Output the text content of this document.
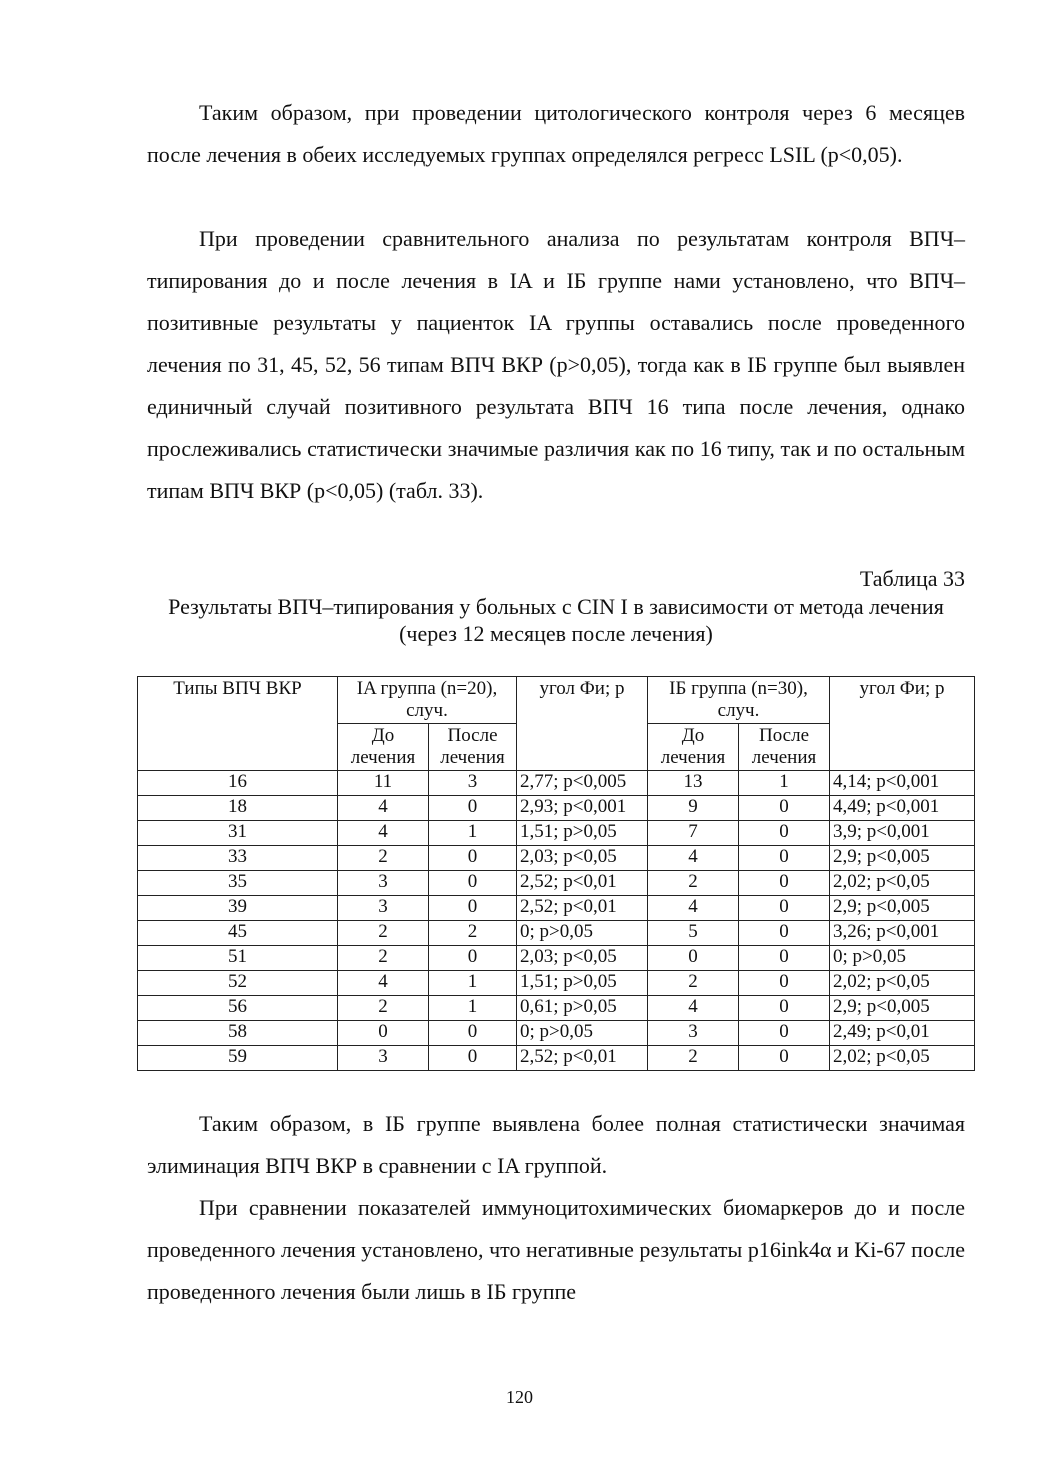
Таким образом, при проведении цитологического контроля через 6 месяцев после лечения в обеих исследуемых группах определялся регресс LSIL (p<0,05).

При проведении сравнительного анализа по результатам контроля ВПЧ–типирования до и после лечения в IA и IБ группе нами установлено, что ВПЧ–позитивные результаты у пациенток IA группы оставались после проведенного лечения по 31, 45, 52, 56 типам ВПЧ ВКР (p>0,05), тогда как в IБ группе был выявлен единичный случай позитивного результата ВПЧ 16 типа после лечения, однако прослеживались статистически значимые различия как по 16 типу, так и по остальным типам ВПЧ ВКР (p<0,05) (табл. 33).

Таблица 33
Результаты ВПЧ–типирования у больных с CIN I в зависимости от метода лечения (через 12 месяцев после лечения)
Типы ВПЧ ВКР	IA группа (n=20), случ.		угол Фи; p	IБ группа (n=30), случ.		угол Фи; p
	До лечения	После лечения		До лечения	После лечения	
16	11	3	2,77; p<0,005	13	1	4,14; p<0,001
18	4	0	2,93; p<0,001	9	0	4,49; p<0,001
31	4	1	1,51; p>0,05	7	0	3,9; p<0,001
33	2	0	2,03; p<0,05	4	0	2,9; p<0,005
35	3	0	2,52; p<0,01	2	0	2,02; p<0,05
39	3	0	2,52; p<0,01	4	0	2,9; p<0,005
45	2	2	0; p>0,05	5	0	3,26; p<0,001
51	2	0	2,03; p<0,05	0	0	0; p>0,05
52	4	1	1,51; p>0,05	2	0	2,02; p<0,05
56	2	1	0,61; p>0,05	4	0	2,9; p<0,005
58	0	0	0; p>0,05	3	0	2,49; p<0,01
59	3	0	2,52; p<0,01	2	0	2,02; p<0,05

Таким образом, в IБ группе выявлена более полная статистически значимая элиминация ВПЧ ВКР в сравнении с IA группой.

При сравнении показателей иммуноцитохимических биомаркеров до и после проведенного лечения установлено, что негативные результаты p16ink4α и Ki-67 после проведенного лечения были лишь в IБ группе

120
